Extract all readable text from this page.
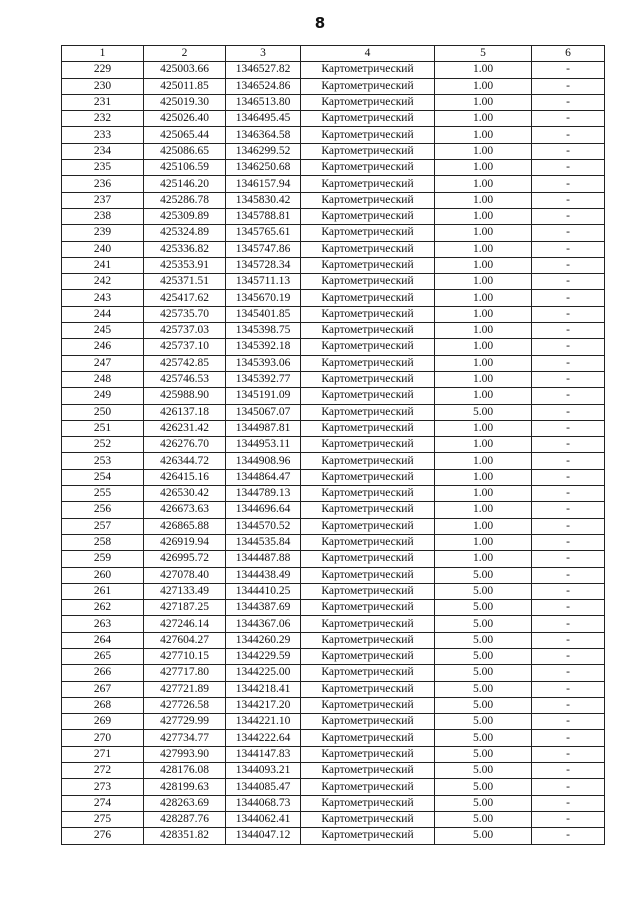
8
1	2	3	4	5	6
229	425003.66	1346527.82	Картометрический	1.00	-
230	425011.85	1346524.86	Картометрический	1.00	-
231	425019.30	1346513.80	Картометрический	1.00	-
232	425026.40	1346495.45	Картометрический	1.00	-
233	425065.44	1346364.58	Картометрический	1.00	-
234	425086.65	1346299.52	Картометрический	1.00	-
235	425106.59	1346250.68	Картометрический	1.00	-
236	425146.20	1346157.94	Картометрический	1.00	-
237	425286.78	1345830.42	Картометрический	1.00	-
238	425309.89	1345788.81	Картометрический	1.00	-
239	425324.89	1345765.61	Картометрический	1.00	-
240	425336.82	1345747.86	Картометрический	1.00	-
241	425353.91	1345728.34	Картометрический	1.00	-
242	425371.51	1345711.13	Картометрический	1.00	-
243	425417.62	1345670.19	Картометрический	1.00	-
244	425735.70	1345401.85	Картометрический	1.00	-
245	425737.03	1345398.75	Картометрический	1.00	-
246	425737.10	1345392.18	Картометрический	1.00	-
247	425742.85	1345393.06	Картометрический	1.00	-
248	425746.53	1345392.77	Картометрический	1.00	-
249	425988.90	1345191.09	Картометрический	1.00	-
250	426137.18	1345067.07	Картометрический	5.00	-
251	426231.42	1344987.81	Картометрический	1.00	-
252	426276.70	1344953.11	Картометрический	1.00	-
253	426344.72	1344908.96	Картометрический	1.00	-
254	426415.16	1344864.47	Картометрический	1.00	-
255	426530.42	1344789.13	Картометрический	1.00	-
256	426673.63	1344696.64	Картометрический	1.00	-
257	426865.88	1344570.52	Картометрический	1.00	-
258	426919.94	1344535.84	Картометрический	1.00	-
259	426995.72	1344487.88	Картометрический	1.00	-
260	427078.40	1344438.49	Картометрический	5.00	-
261	427133.49	1344410.25	Картометрический	5.00	-
262	427187.25	1344387.69	Картометрический	5.00	-
263	427246.14	1344367.06	Картометрический	5.00	-
264	427604.27	1344260.29	Картометрический	5.00	-
265	427710.15	1344229.59	Картометрический	5.00	-
266	427717.80	1344225.00	Картометрический	5.00	-
267	427721.89	1344218.41	Картометрический	5.00	-
268	427726.58	1344217.20	Картометрический	5.00	-
269	427729.99	1344221.10	Картометрический	5.00	-
270	427734.77	1344222.64	Картометрический	5.00	-
271	427993.90	1344147.83	Картометрический	5.00	-
272	428176.08	1344093.21	Картометрический	5.00	-
273	428199.63	1344085.47	Картометрический	5.00	-
274	428263.69	1344068.73	Картометрический	5.00	-
275	428287.76	1344062.41	Картометрический	5.00	-
276	428351.82	1344047.12	Картометрический	5.00	-
